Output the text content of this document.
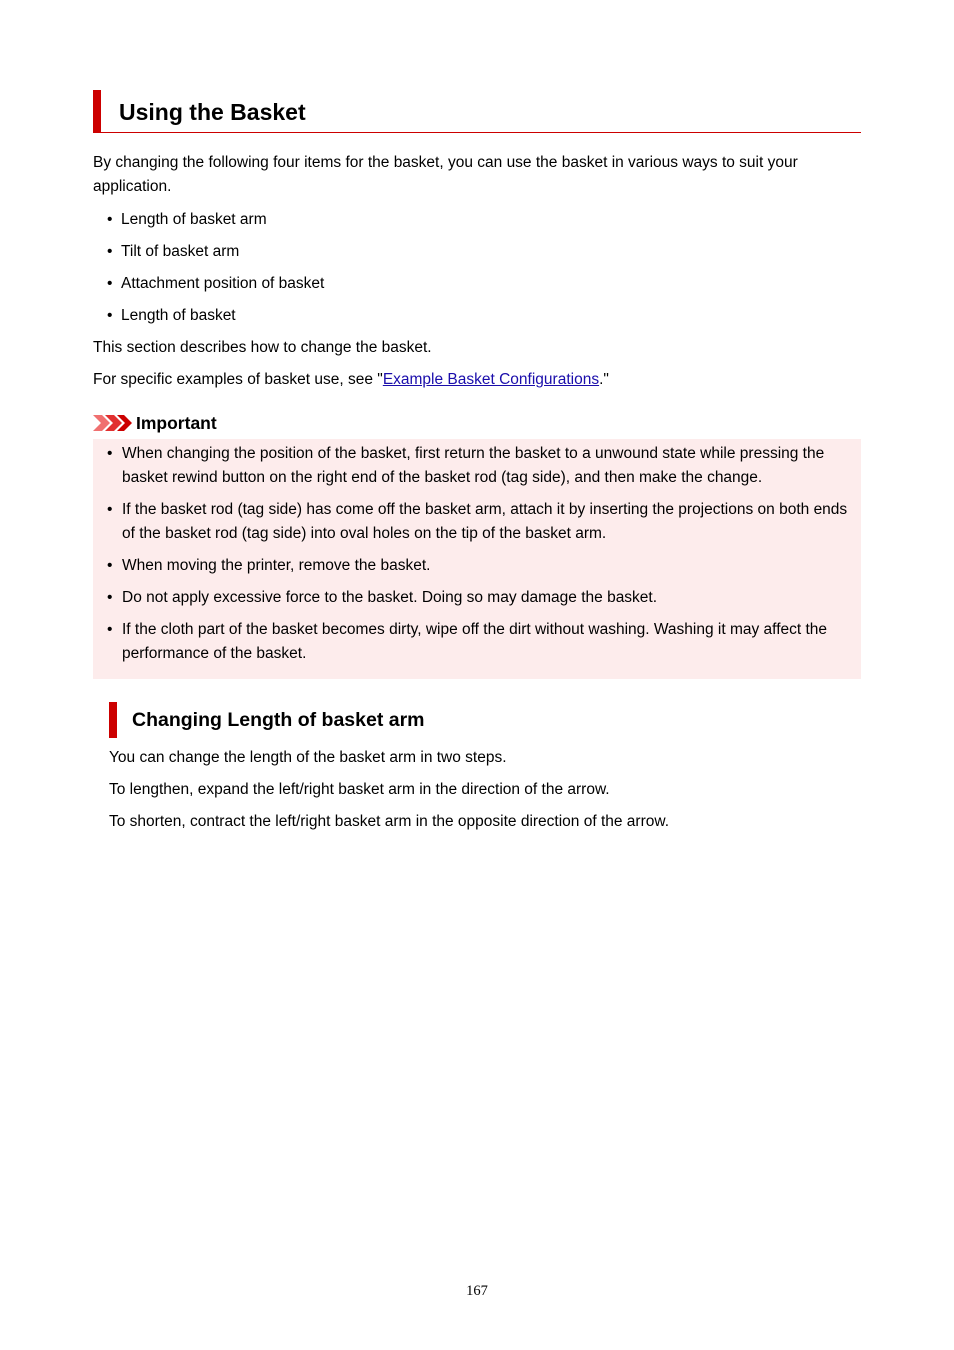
Using the Basket

By changing the following four items for the basket, you can use the basket in various ways to suit your application.

• Length of basket arm
• Tilt of basket arm
• Attachment position of basket
• Length of basket

This section describes how to change the basket.

For specific examples of basket use, see "Example Basket Configurations."

Important
• When changing the position of the basket, first return the basket to a unwound state while pressing the basket rewind button on the right end of the basket rod (tag side), and then make the change.
• If the basket rod (tag side) has come off the basket arm, attach it by inserting the projections on both ends of the basket rod (tag side) into oval holes on the tip of the basket arm.
• When moving the printer, remove the basket.
• Do not apply excessive force to the basket. Doing so may damage the basket.
• If the cloth part of the basket becomes dirty, wipe off the dirt without washing. Washing it may affect the performance of the basket.
Changing Length of basket arm

You can change the length of the basket arm in two steps.

To lengthen, expand the left/right basket arm in the direction of the arrow.

To shorten, contract the left/right basket arm in the opposite direction of the arrow.

167
